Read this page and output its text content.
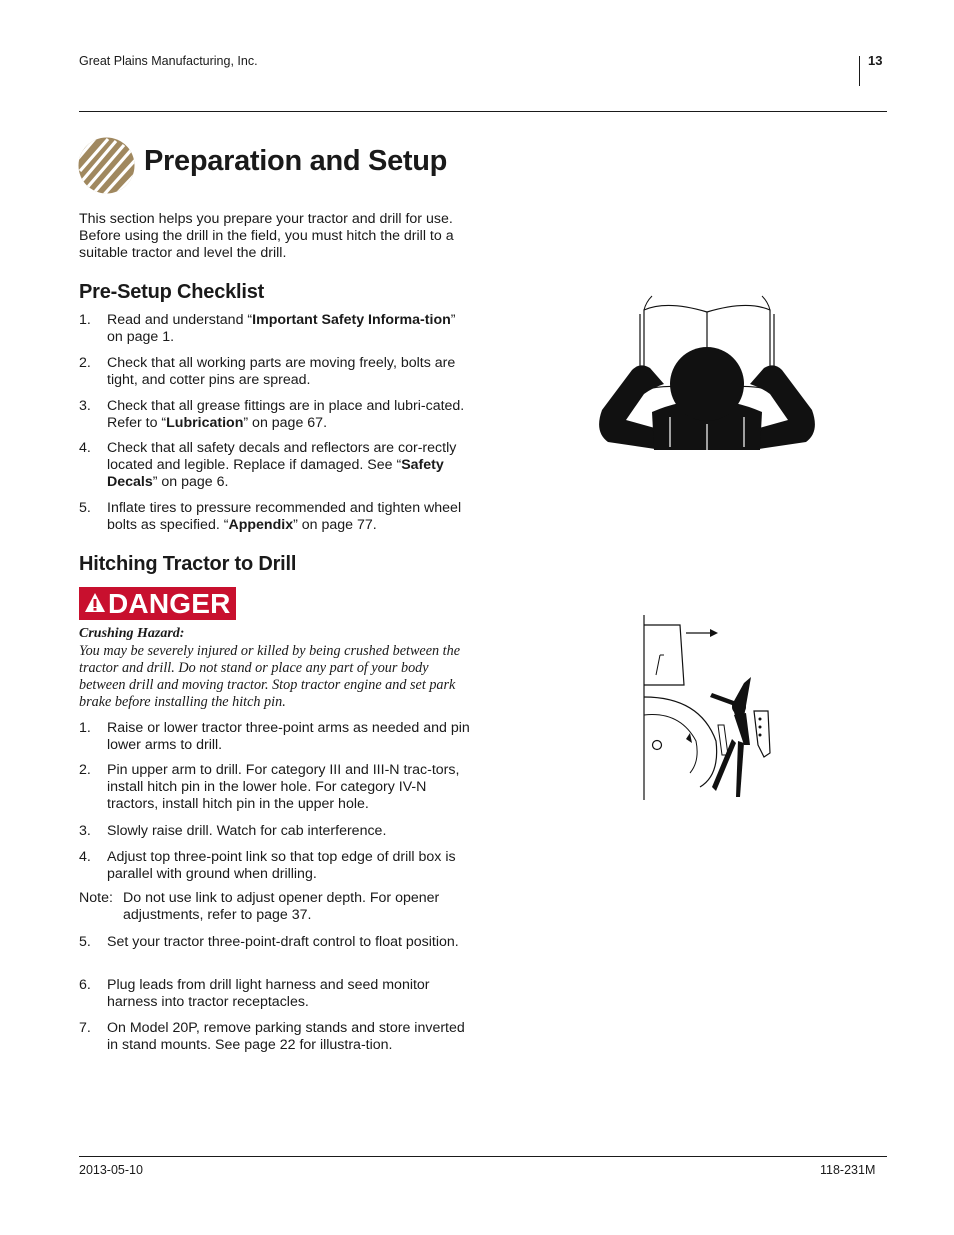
Great Plains Manufacturing, Inc.	13
Preparation and Setup
This section helps you prepare your tractor and drill for use. Before using the drill in the field, you must hitch the drill to a suitable tractor and level the drill.
Pre-Setup Checklist
1. Read and understand “Important Safety Informa-tion” on page 1.
2. Check that all working parts are moving freely, bolts are tight, and cotter pins are spread.
3. Check that all grease fittings are in place and lubri-cated. Refer to “Lubrication” on page 67.
4. Check that all safety decals and reflectors are cor-rectly located and legible. Replace if damaged. See “Safety Decals” on page 6.
5. Inflate tires to pressure recommended and tighten wheel bolts as specified. “Appendix” on page 77.
Hitching Tractor to Drill
DANGER
Crushing Hazard:
You may be severely injured or killed by being crushed between the tractor and drill. Do not stand or place any part of your body between drill and moving tractor. Stop tractor engine and set park brake before installing the hitch pin.
1. Raise or lower tractor three-point arms as needed and pin lower arms to drill.
2. Pin upper arm to drill. For category III and III-N trac-tors, install hitch pin in the lower hole. For category IV-N tractors, install hitch pin in the upper hole.
3. Slowly raise drill. Watch for cab interference.
4. Adjust top three-point link so that top edge of drill box is parallel with ground when drilling.
Note: Do not use link to adjust opener depth. For opener adjustments, refer to page 37.
5. Set your tractor three-point-draft control to float position.
6. Plug leads from drill light harness and seed monitor harness into tractor receptacles.
7. On Model 20P, remove parking stands and store inverted in stand mounts. See page 22 for illustra-tion.
2013-05-10	118-231M
